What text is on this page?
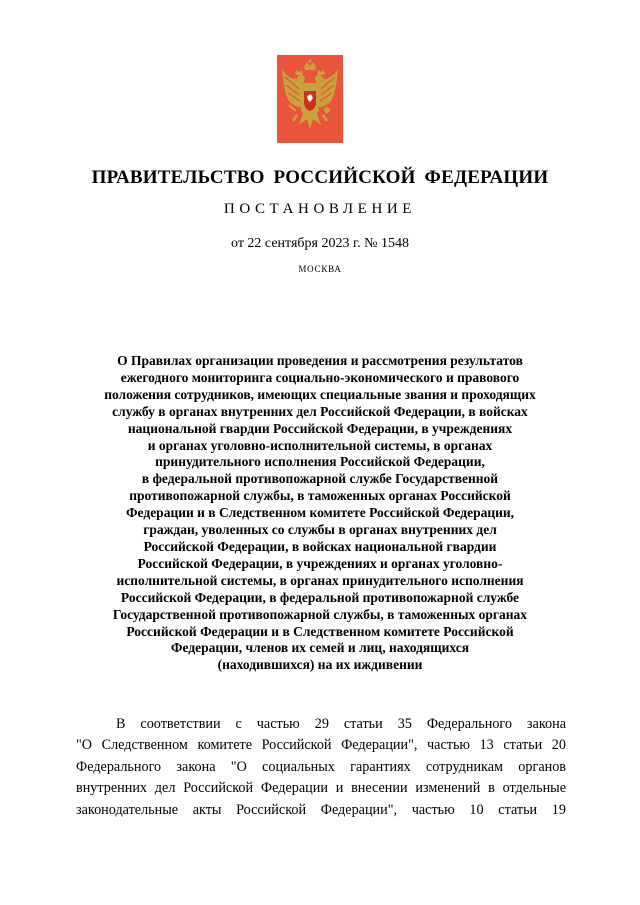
ПРАВИТЕЛЬСТВО РОССИЙСКОЙ ФЕДЕРАЦИИ
ПОСТАНОВЛЕНИЕ
от 22 сентября 2023 г. № 1548
МОСКВА
О Правилах организации проведения и рассмотрения результатов
ежегодного мониторинга социально-экономического и правового
положения сотрудников, имеющих специальные звания и проходящих
службу в органах внутренних дел Российской Федерации, в войсках
национальной гвардии Российской Федерации, в учреждениях
и органах уголовно-исполнительной системы, в органах
принудительного исполнения Российской Федерации,
в федеральной противопожарной службе Государственной
противопожарной службы, в таможенных органах Российской
Федерации и в Следственном комитете Российской Федерации,
граждан, уволенных со службы в органах внутренних дел
Российской Федерации, в войсках национальной гвардии
Российской Федерации, в учреждениях и органах уголовно-
исполнительной системы, в органах принудительного исполнения
Российской Федерации, в федеральной противопожарной службе
Государственной противопожарной службы, в таможенных органах
Российской Федерации и в Следственном комитете Российской
Федерации, членов их семей и лиц, находящихся
(находившихся) на их иждивении
В соответствии с частью 29 статьи 35 Федерального закона
"О Следственном комитете Российской Федерации", частью 13 статьи 20
Федерального закона "О социальных гарантиях сотрудникам органов
внутренних дел Российской Федерации и внесении изменений в отдельные
законодательные акты Российской Федерации", частью 10 статьи 19
